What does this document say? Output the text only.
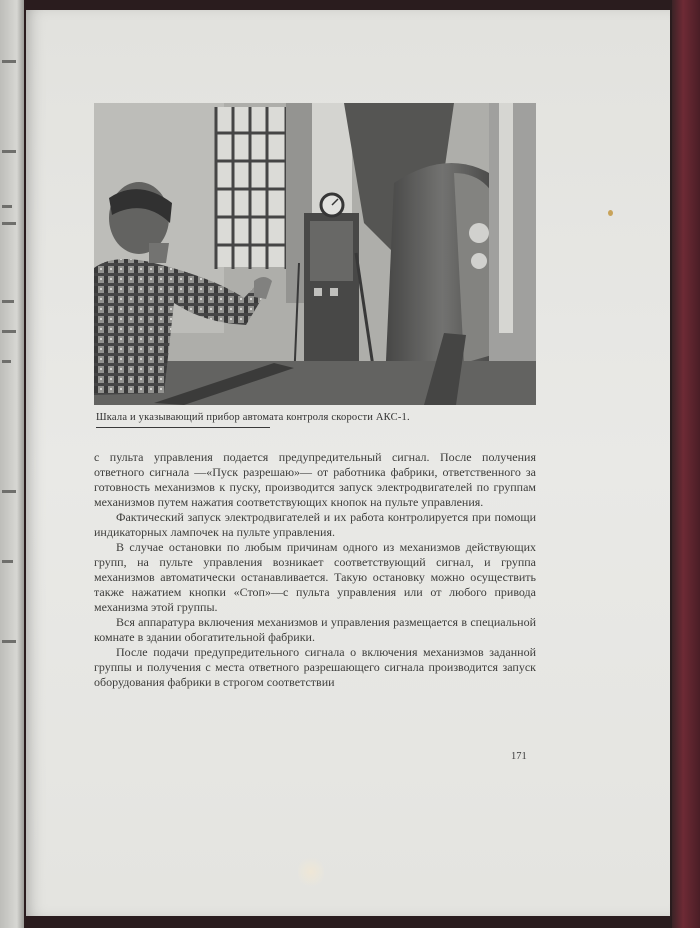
Шкала и указывающий прибор автомата контроля скорости АКС-1.

с пульта управления подается предупредительный сигнал. После получения ответного сигнала —«Пуск разрешаю»— от работника фабрики, ответственного за готовность механизмов к пуску, производится запуск электродвигателей по группам механизмов путем нажатия соответствующих кнопок на пульте управления.

Фактический запуск электродвигателей и их работа контролируется при помощи индикаторных лампочек на пульте управления.

В случае остановки по любым причинам одного из механизмов действующих групп, на пульте управления возникает соответствующий сигнал, и группа механизмов автоматически останавливается. Такую остановку можно осуществить также нажатием кнопки «Стоп»—с пульта управления или от любого привода механизма этой группы.

Вся аппаратура включения механизмов и управления размещается в специальной комнате в здании обогатительной фабрики.

После подачи предупредительного сигнала о включения механизмов заданной группы и получения с места ответного разрешающего сигнала производится запуск оборудования фабрики в строгом соответствии

171
